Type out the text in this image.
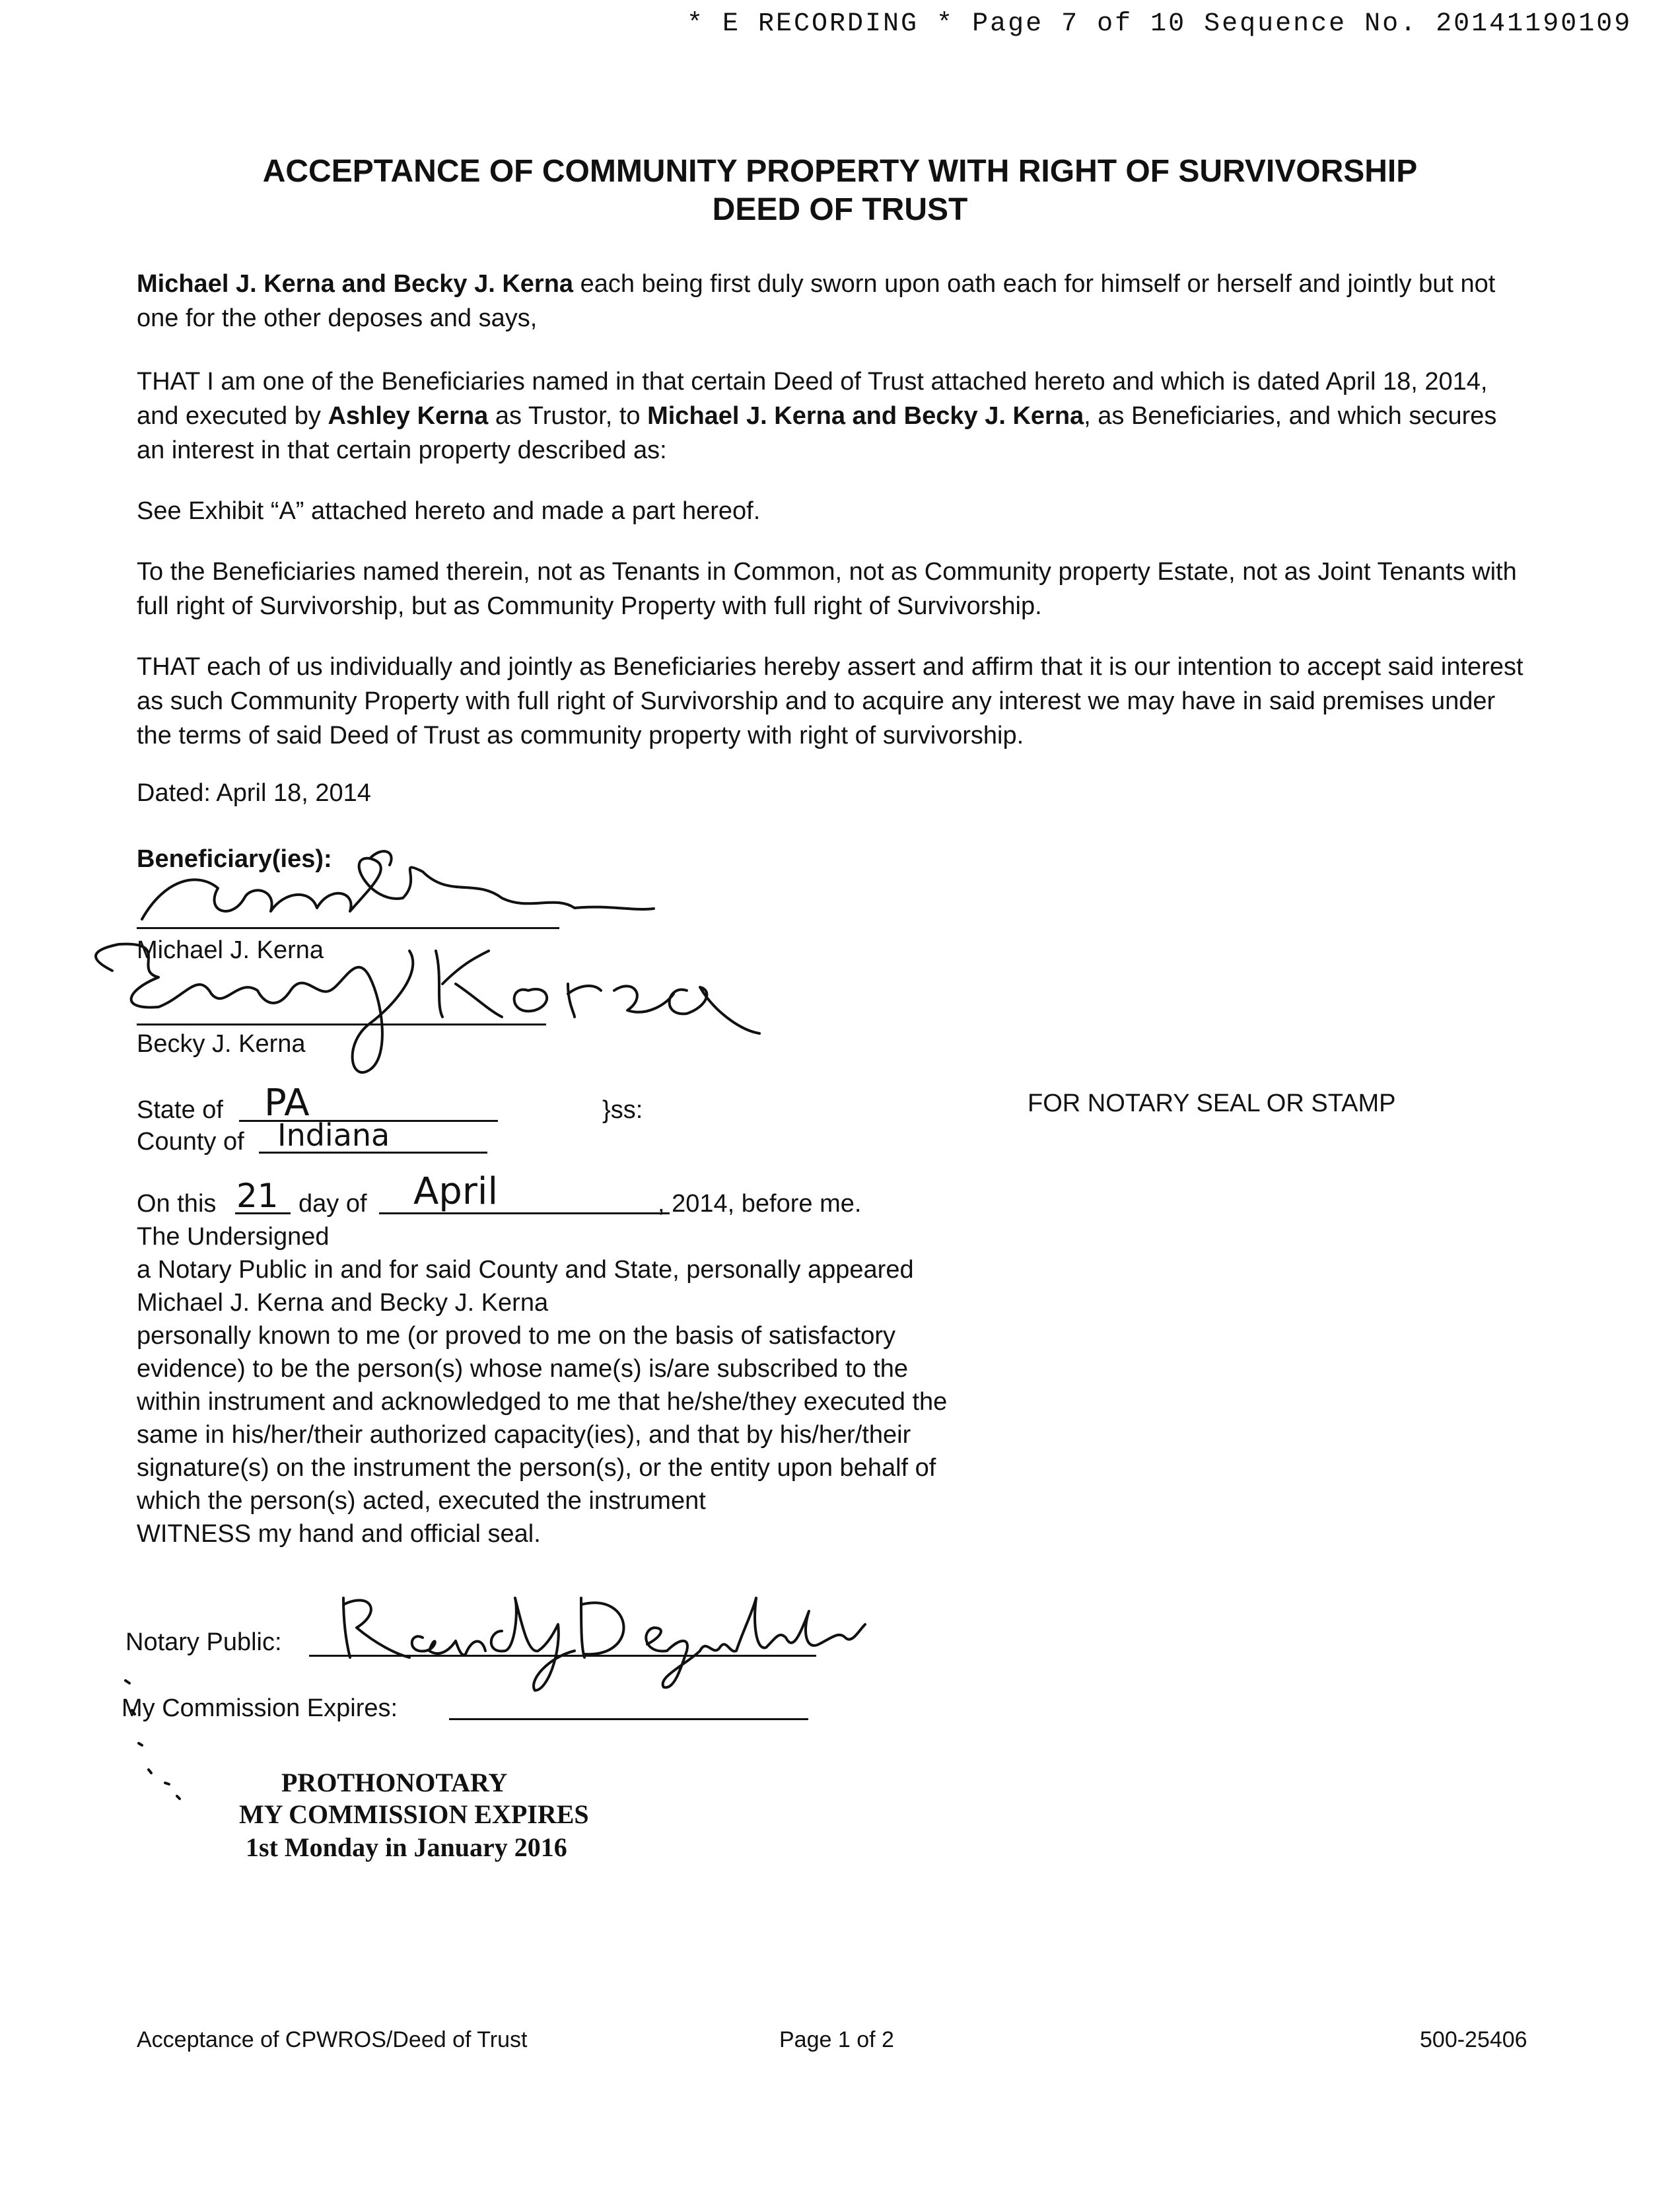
* E RECORDING * Page 7 of 10 Sequence No. 20141190109
ACCEPTANCE OF COMMUNITY PROPERTY WITH RIGHT OF SURVIVORSHIP
DEED OF TRUST
Michael J. Kerna and Becky J. Kerna each being first duly sworn upon oath each for himself or herself and jointly but not one for the other deposes and says,
THAT I am one of the Beneficiaries named in that certain Deed of Trust attached hereto and which is dated April 18, 2014, and executed by Ashley Kerna as Trustor, to Michael J. Kerna and Becky J. Kerna, as Beneficiaries, and which secures an interest in that certain property described as:
See Exhibit “A” attached hereto and made a part hereof.
To the Beneficiaries named therein, not as Tenants in Common, not as Community property Estate, not as Joint Tenants with full right of Survivorship, but as Community Property with full right of Survivorship.
THAT each of us individually and jointly as Beneficiaries hereby assert and affirm that it is our intention to accept said interest as such Community Property with full right of Survivorship and to acquire any interest we may have in said premises under the terms of said Deed of Trust as community property with right of survivorship.
Dated: April 18, 2014
Beneficiary(ies):
Michael J. Kerna
Becky J. Kerna
State of PA	}ss:	FOR NOTARY SEAL OR STAMP
County of Indiana
On this 21 day of April	, 2014, before me.
The Undersigned
a Notary Public in and for said County and State, personally appeared
Michael J. Kerna and Becky J. Kerna
personally known to me (or proved to me on the basis of satisfactory evidence) to be the person(s) whose name(s) is/are subscribed to the within instrument and acknowledged to me that he/she/they executed the same in his/her/their authorized capacity(ies), and that by his/her/their signature(s) on the instrument the person(s), or the entity upon behalf of which the person(s) acted, executed the instrument
WITNESS my hand and official seal.
Notary Public:
My Commission Expires:
PROTHONOTARY
MY COMMISSION EXPIRES
1st Monday in January 2016
Acceptance of CPWROS/Deed of Trust	Page 1 of 2	500-25406
